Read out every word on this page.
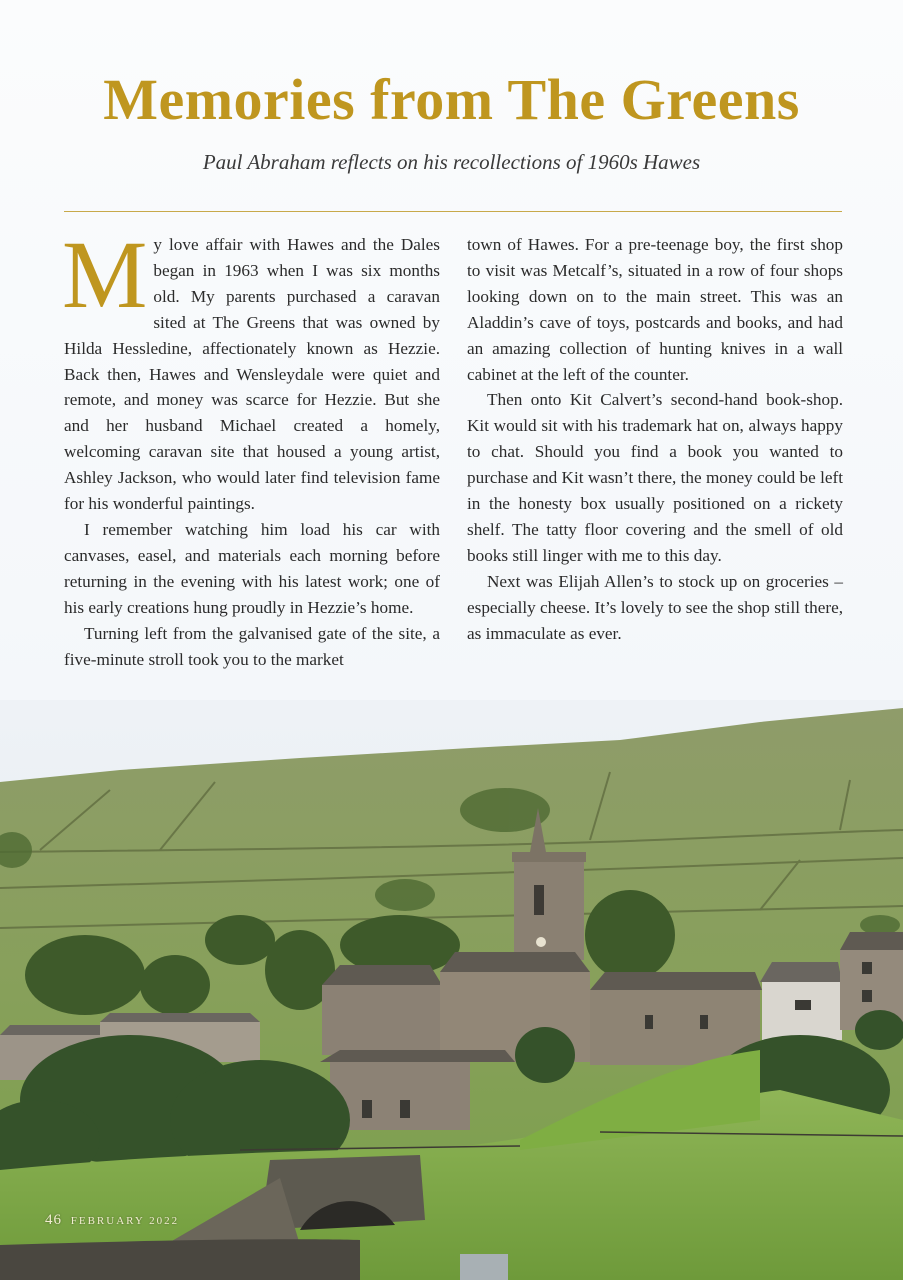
Memories from The Greens
Paul Abraham reflects on his recollections of 1960s Hawes

My love affair with Hawes and the Dales began in 1963 when I was six months old. My parents purchased a caravan sited at The Greens that was owned by Hilda Hessledine, affectionately known as Hezzie. Back then, Hawes and Wensleydale were quiet and remote, and money was scarce for Hezzie. But she and her husband Michael created a homely, welcoming caravan site that housed a young artist, Ashley Jackson, who would later find television fame for his wonderful paintings.

I remember watching him load his car with canvases, easel, and materials each morning before returning in the evening with his latest work; one of his early creations hung proudly in Hezzie’s home.

Turning left from the galvanised gate of the site, a five-minute stroll took you to the market

town of Hawes. For a pre-teenage boy, the first shop to visit was Metcalf’s, situated in a row of four shops looking down on to the main street. This was an Aladdin’s cave of toys, postcards and books, and had an amazing collection of hunting knives in a wall cabinet at the left of the counter.

Then onto Kit Calvert’s second-hand book-shop. Kit would sit with his trademark hat on, always happy to chat. Should you find a book you wanted to purchase and Kit wasn’t there, the money could be left in the honesty box usually positioned on a rickety shelf. The tatty floor covering and the smell of old books still linger with me to this day.

Next was Elijah Allen’s to stock up on groceries – especially cheese. It’s lovely to see the shop still there, as immaculate as ever.

46 FEBRUARY 2022
